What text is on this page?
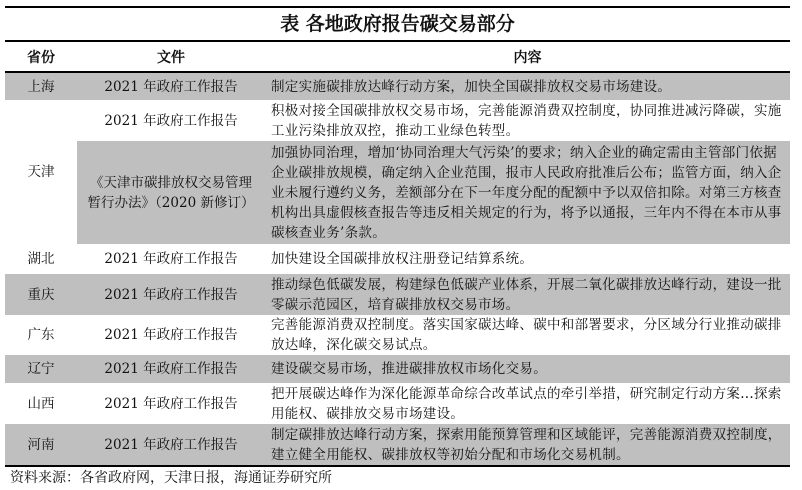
表 各地政府报告碳交易部分
省份	文件	内容
上海	2021 年政府工作报告	制定实施碳排放达峰行动方案，加快全国碳排放权交易市场建设。
天津	2021 年政府工作报告	积极对接全国碳排放权交易市场，完善能源消费双控制度，协同推进减污降碳，实施工业污染排放双控，推动工业绿色转型。
	《天津市碳排放权交易管理暂行办法》（2020 新修订）	加强协同治理，增加‘协同治理大气污染’的要求；纳入企业的确定需由主管部门依据企业碳排放规模，确定纳入企业范围，报市人民政府批准后公布；监管方面，纳入企业未履行遵约义务，差额部分在下一年度分配的配额中予以双倍扣除。对第三方核查机构出具虚假核查报告等违反相关规定的行为，将予以通报，三年内不得在本市从事碳核查业务’条款。
湖北	2021 年政府工作报告	加快建设全国碳排放权注册登记结算系统。
重庆	2021 年政府工作报告	推动绿色低碳发展，构建绿色低碳产业体系，开展二氧化碳排放达峰行动，建设一批零碳示范园区，培育碳排放权交易市场。
广东	2021 年政府工作报告	完善能源消费双控制度。落实国家碳达峰、碳中和部署要求，分区域分行业推动碳排放达峰，深化碳交易试点。
辽宁	2021 年政府工作报告	建设碳交易市场，推进碳排放权市场化交易。
山西	2021 年政府工作报告	把开展碳达峰作为深化能源革命综合改革试点的牵引举措，研究制定行动方案...探索用能权、碳排放交易市场建设。
河南	2021 年政府工作报告	制定碳排放达峰行动方案，探索用能预算管理和区域能评，完善能源消费双控制度，建立健全用能权、碳排放权等初始分配和市场化交易机制。
资料来源：各省政府网，天津日报，海通证券研究所
